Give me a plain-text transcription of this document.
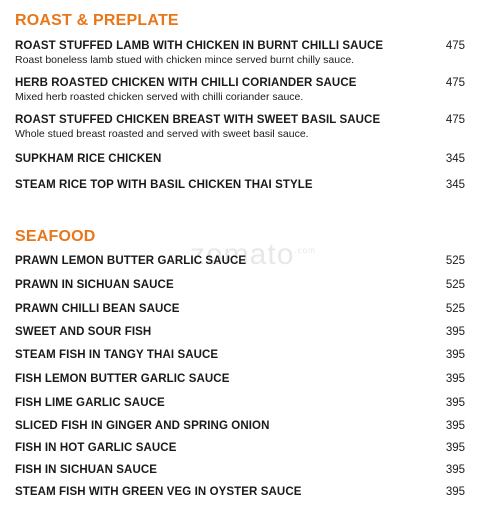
zomato$^{.com}$
ROAST & PREPLATE
ROAST STUFFED LAMB WITH CHICKEN IN BURNT CHILLI SAUCE	475
Roast boneless lamb stued with chicken mince served burnt chilly sauce.
HERB ROASTED CHICKEN WITH CHILLI CORIANDER SAUCE	475
Mixed herb roasted chicken served with chilli coriander sauce.
ROAST STUFFED CHICKEN BREAST WITH SWEET BASIL SAUCE	475
Whole stued breast roasted and served with sweet basil sauce.
SUPKHAM RICE CHICKEN	345
STEAM RICE TOP WITH BASIL CHICKEN THAI STYLE	345
SEAFOOD
PRAWN LEMON BUTTER GARLIC SAUCE	525
PRAWN IN SICHUAN SAUCE	525
PRAWN CHILLI BEAN SAUCE	525
SWEET AND SOUR FISH	395
STEAM FISH IN TANGY THAI SAUCE	395
FISH LEMON BUTTER GARLIC SAUCE	395
FISH LIME GARLIC SAUCE	395
SLICED FISH IN GINGER AND SPRING ONION	395
FISH IN HOT GARLIC SAUCE	395
FISH IN SICHUAN SAUCE	395
STEAM FISH WITH GREEN VEG IN OYSTER SAUCE	395
